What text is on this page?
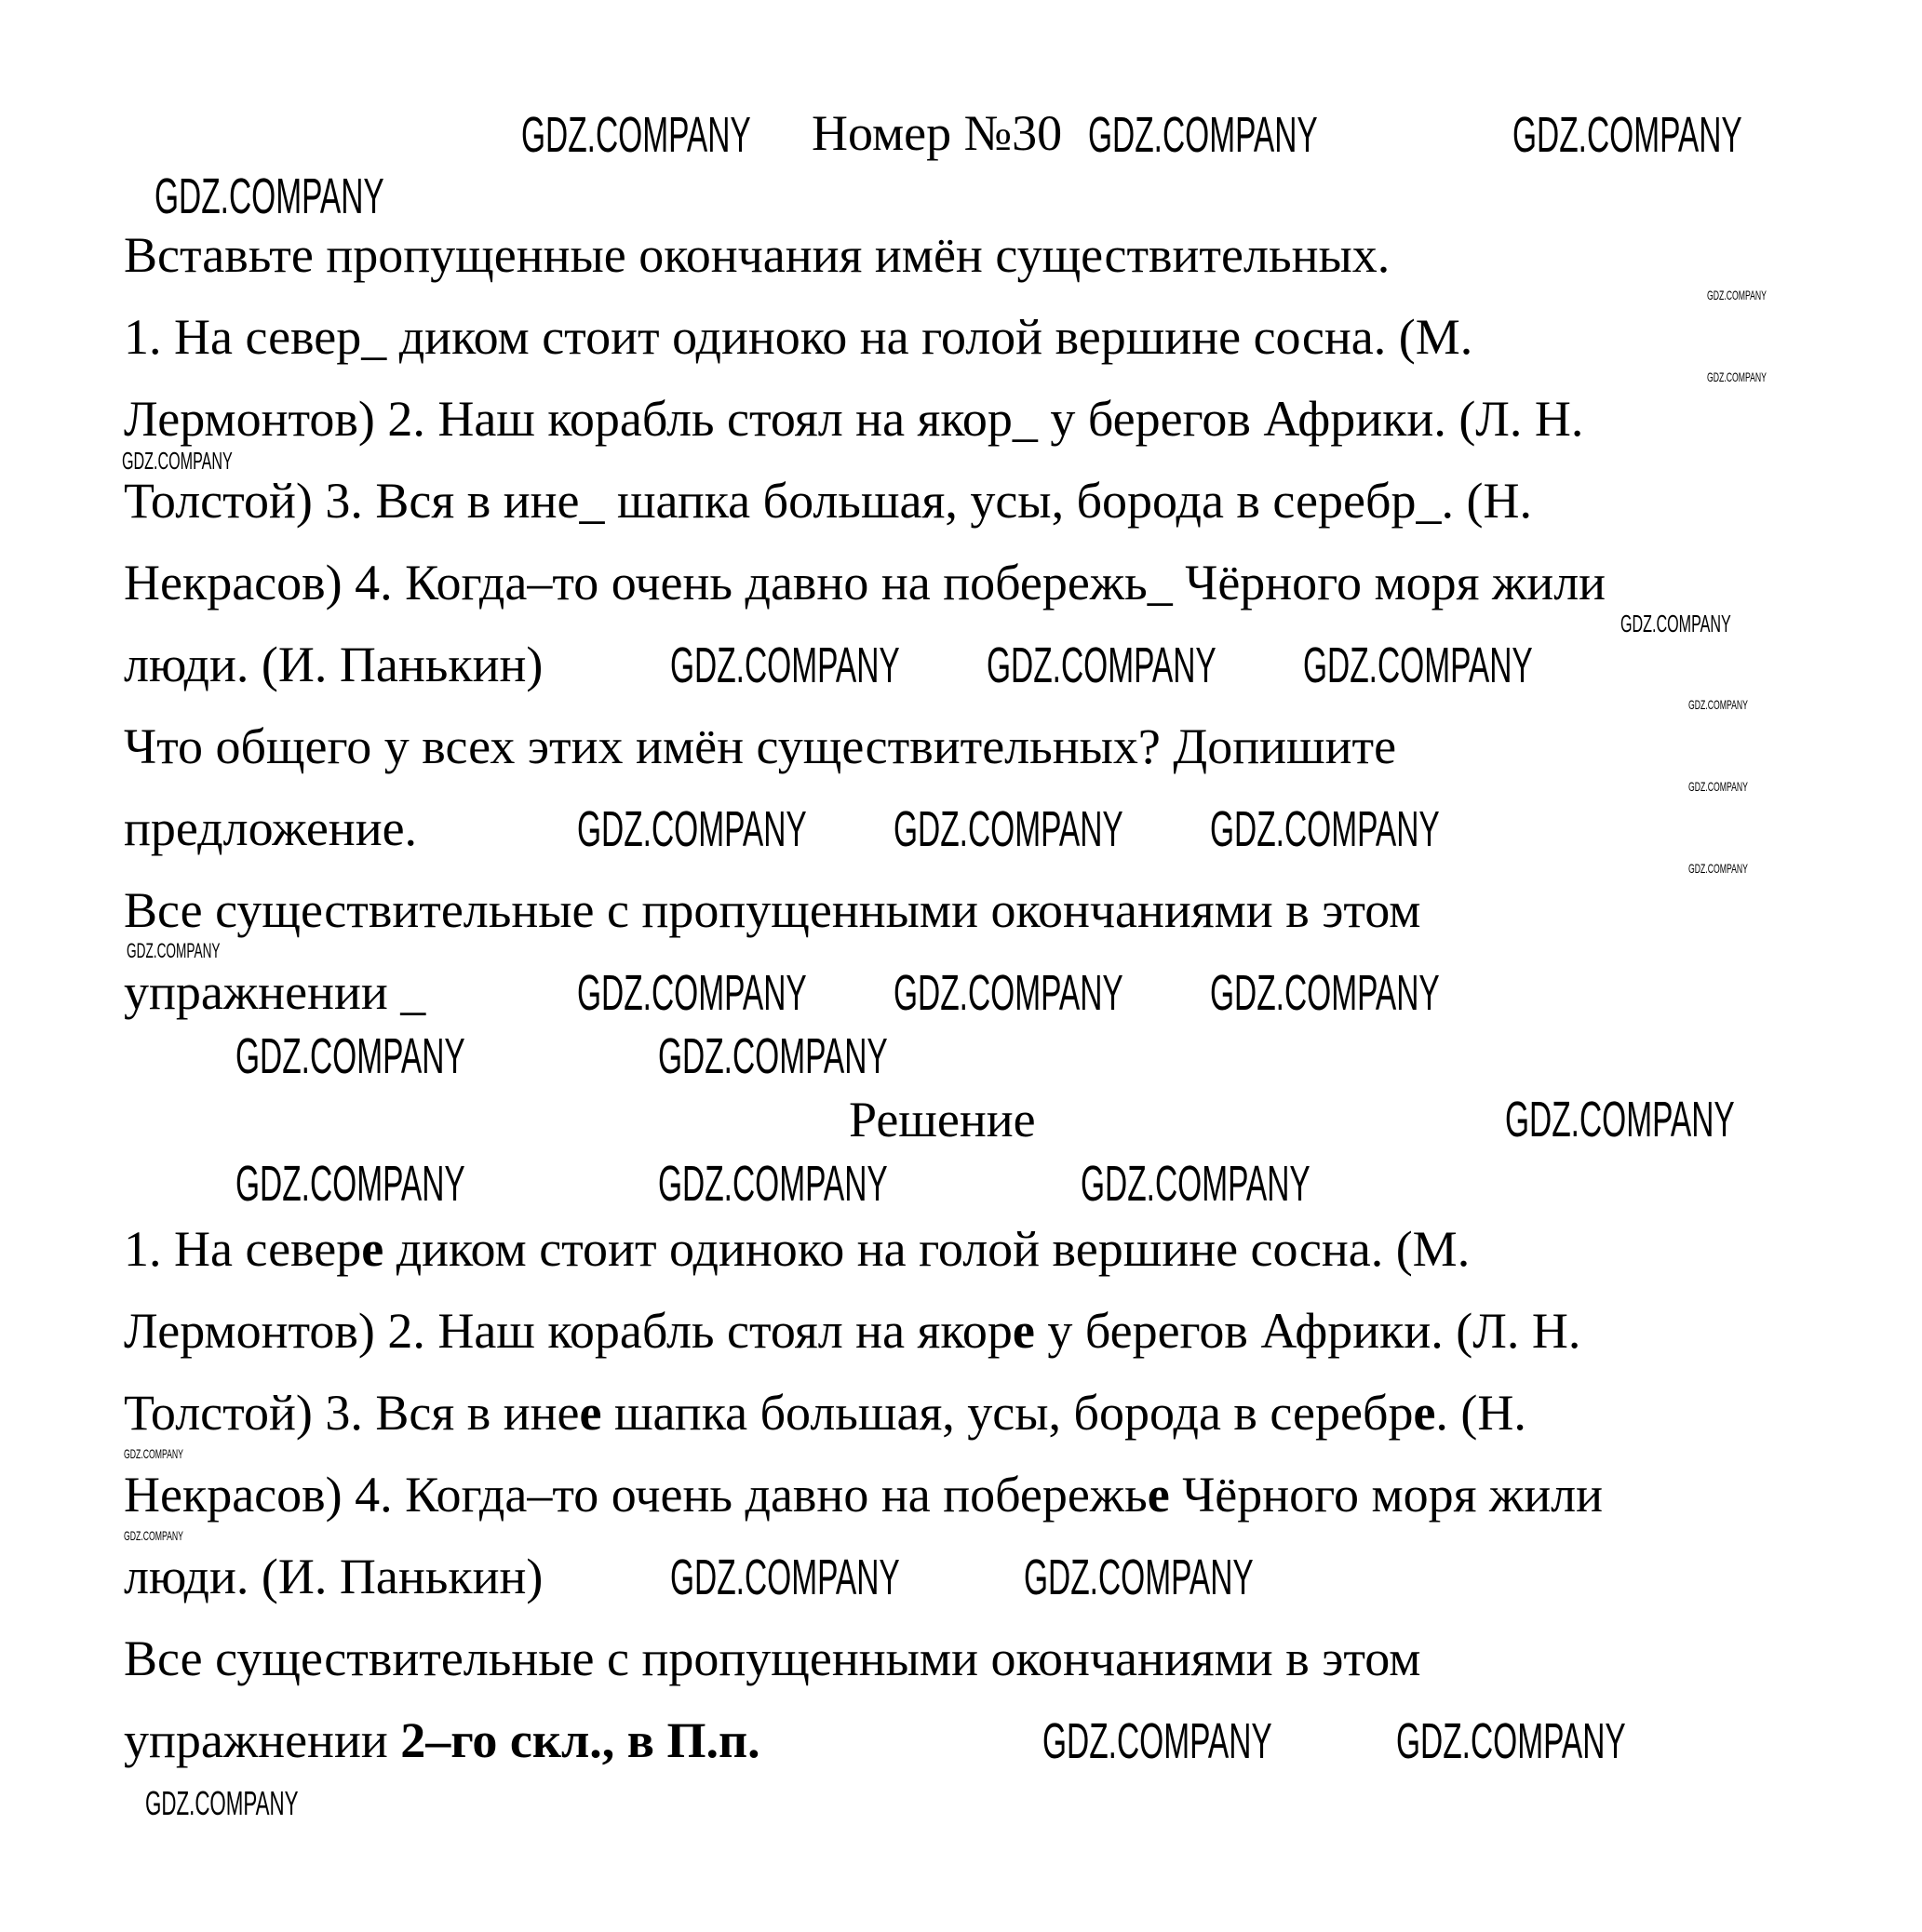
Номер №30
Вставьте пропущенные окончания имён существительных.
1. На север_ диком стоит одиноко на голой вершине сосна. (М.
Лермонтов) 2. Наш корабль стоял на якор_ у берегов Африки. (Л. Н.
Толстой) 3. Вся в ине_ шапка большая, усы, борода в серебр_. (Н.
Некрасов) 4. Когда–то очень давно на побережь_ Чёрного моря жили
люди. (И. Панькин)
Что общего у всех этих имён существительных? Допишите
предложение.
Все существительные с пропущенными окончаниями в этом
упражнении _
Решение
1. На севере диком стоит одиноко на голой вершине сосна. (М.
Лермонтов) 2. Наш корабль стоял на якоре у берегов Африки. (Л. Н.
Толстой) 3. Вся в инее шапка большая, усы, борода в серебре. (Н.
Некрасов) 4. Когда–то очень давно на побережье Чёрного моря жили
люди. (И. Панькин)
Все существительные с пропущенными окончаниями в этом
упражнении 2–го скл., в П.п.
GDZ.COMPANY	GDZ.COMPANY	GDZ.COMPANY
GDZ.COMPANY
GDZ.COMPANY GDZ.COMPANY GDZ.COMPANY
GDZ.COMPANY GDZ.COMPANY GDZ.COMPANY
GDZ.COMPANY GDZ.COMPANY GDZ.COMPANY
GDZ.COMPANY	GDZ.COMPANY
GDZ.COMPANY
GDZ.COMPANY	GDZ.COMPANY	GDZ.COMPANY
GDZ.COMPANY GDZ.COMPANY
GDZ.COMPANY GDZ.COMPANY
GDZ.COMPANY
GDZ.COMPANY
GDZ.COMPANY
GDZ.COMPANY
GDZ.COMPANY
GDZ.COMPANY
GDZ.COMPANY
GDZ.COMPANY
GDZ.COMPANY
GDZ.COMPANY
GDZ.COMPANY
